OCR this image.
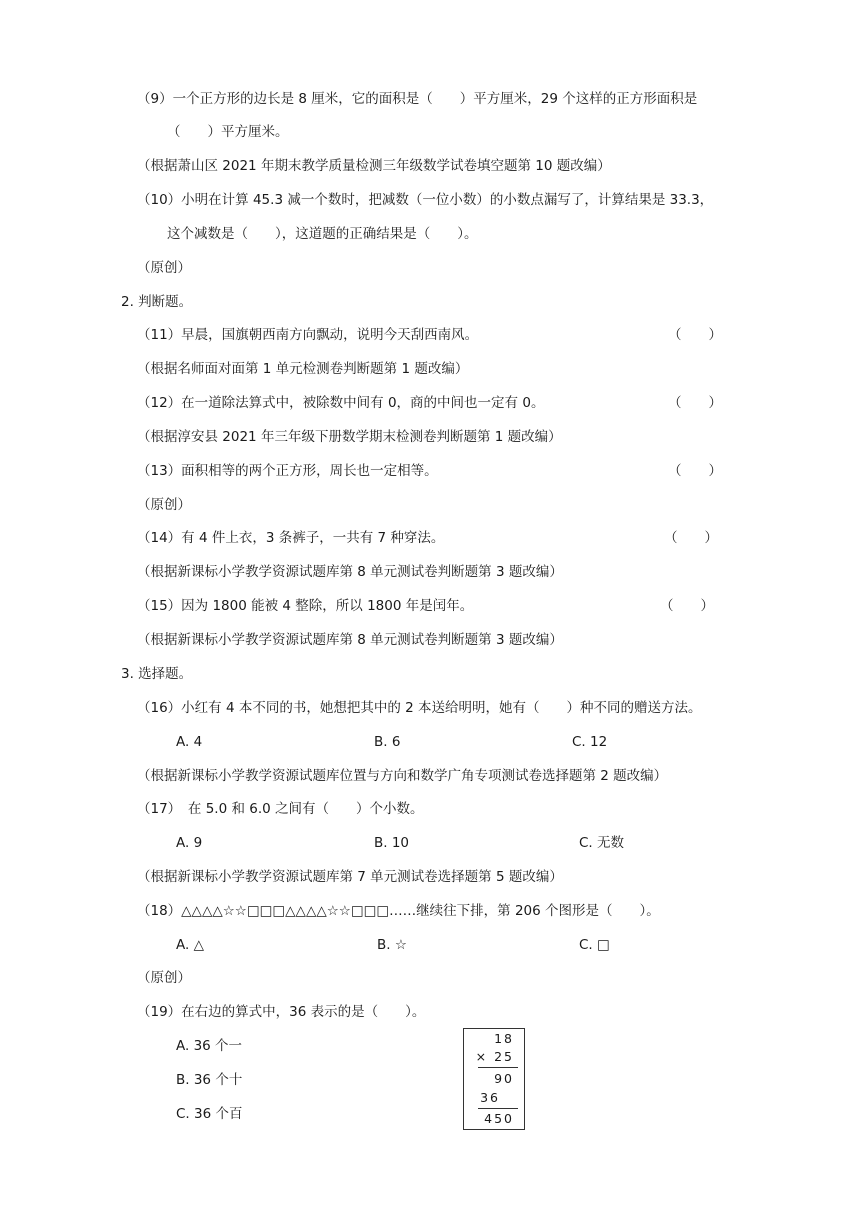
（9）一个正方形的边长是 8 厘米，它的面积是（　　）平方厘米，29 个这样的正方形面积是
（　　）平方厘米。
（根据萧山区 2021 年期末教学质量检测三年级数学试卷填空题第 10 题改编）
（10）小明在计算 45.3 减一个数时，把减数（一位小数）的小数点漏写了，计算结果是 33.3，
这个减数是（　　），这道题的正确结果是（　　）。
（原创）
2. 判断题。
（11）早晨，国旗朝西南方向飘动，说明今天刮西南风。	（　　）
（根据名师面对面第 1 单元检测卷判断题第 1 题改编）
（12）在一道除法算式中，被除数中间有 0，商的中间也一定有 0。	（　　）
（根据淳安县 2021 年三年级下册数学期末检测卷判断题第 1 题改编）
（13）面积相等的两个正方形，周长也一定相等。	（　　）
（原创）
（14）有 4 件上衣，3 条裤子，一共有 7 种穿法。	（　　）
（根据新课标小学教学资源试题库第 8 单元测试卷判断题第 3 题改编）
（15）因为 1800 能被 4 整除，所以 1800 年是闰年。	（　　）
（根据新课标小学教学资源试题库第 8 单元测试卷判断题第 3 题改编）
3. 选择题。
（16）小红有 4 本不同的书，她想把其中的 2 本送给明明，她有（　　）种不同的赠送方法。
A. 4	B. 6	C. 12
（根据新课标小学教学资源试题库位置与方向和数学广角专项测试卷选择题第 2 题改编）
（17）　在 5.0 和 6.0 之间有（　　）个小数。
A. 9	B. 10	C. 无数
（根据新课标小学教学资源试题库第 7 单元测试卷选择题第 5 题改编）
（18）△△△△☆☆□□□△△△△☆☆□□□……继续往下排，第 206 个图形是（　　）。
A. △	B. ☆	C. □
（原创）
（19）在右边的算式中，36 表示的是（　　）。
A. 36 个一
B. 36 个十
C. 36 个百
18
× 25
90
36
450
